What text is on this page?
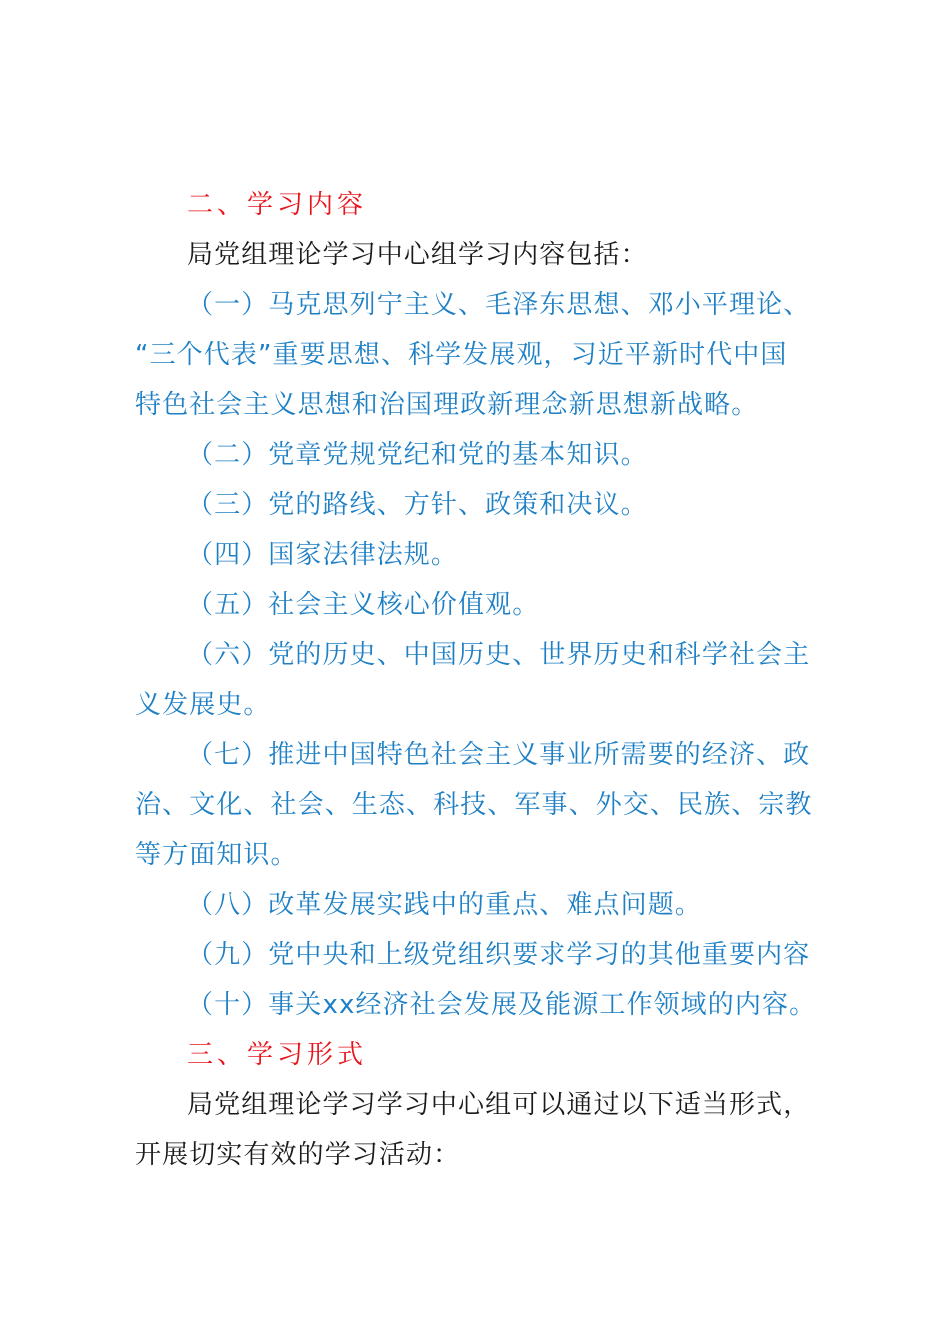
二、学习内容
局党组理论学习中心组学习内容包括：
（一）马克思列宁主义、毛泽东思想、邓小平理论、
“三个代表”重要思想、科学发展观，习近平新时代中国
特色社会主义思想和治国理政新理念新思想新战略。
（二）党章党规党纪和党的基本知识。
（三）党的路线、方针、政策和决议。
（四）国家法律法规。
（五）社会主义核心价值观。
（六）党的历史、中国历史、世界历史和科学社会主
义发展史。
（七）推进中国特色社会主义事业所需要的经济、政
治、文化、社会、生态、科技、军事、外交、民族、宗教
等方面知识。
（八）改革发展实践中的重点、难点问题。
（九）党中央和上级党组织要求学习的其他重要内容
（十）事关xx经济社会发展及能源工作领域的内容。
三、学习形式
局党组理论学习学习中心组可以通过以下适当形式，
开展切实有效的学习活动：
